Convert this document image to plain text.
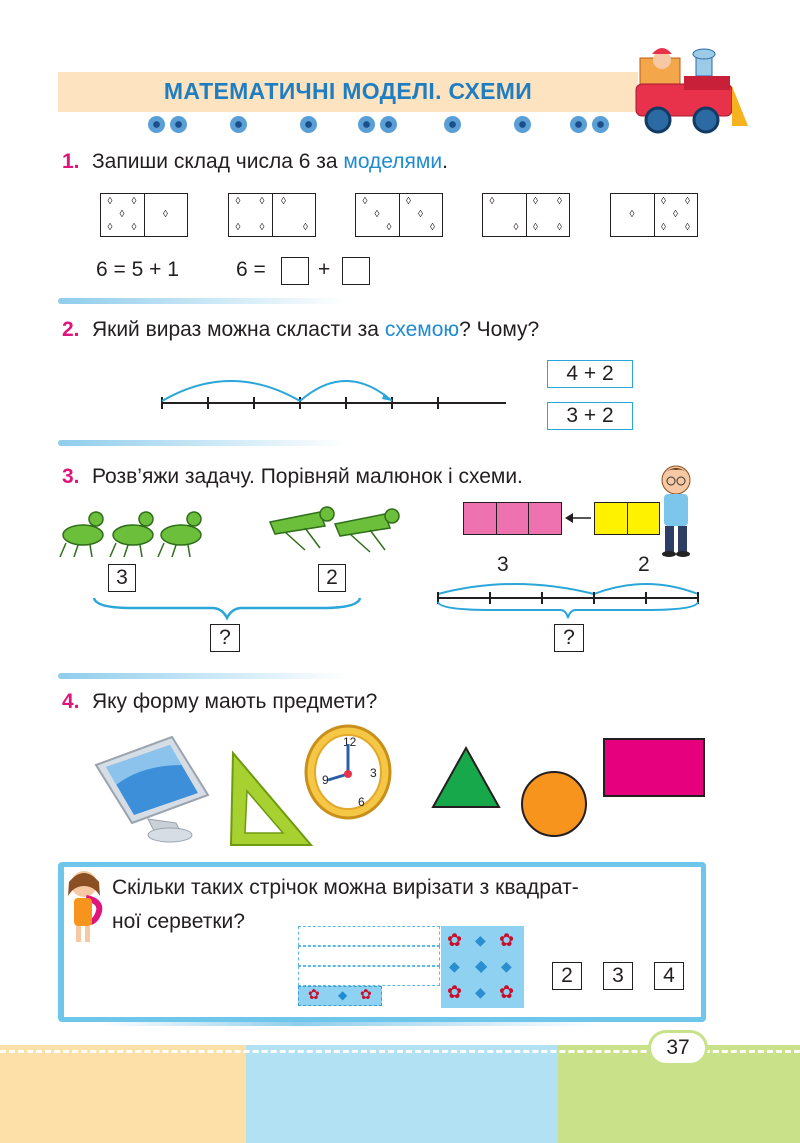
МАТЕМАТИЧНІ МОДЕЛІ. СХЕМИ
1. Запиши склад числа 6 за моделями.
◊ ◊
◊
◊ ◊
◊
◊ ◊
◊ ◊
◊
◊
◊
◊
◊
◊
◊
◊
◊
◊
◊ ◊
◊ ◊
◊
◊ ◊
◊
◊ ◊
6 = 5 + 1	6 = +
2. Який вираз можна скласти за схемою? Чому?
4 + 2
3 + 2
3. Розв’яжи задачу. Порівняй малюнок і схеми.
3	2
?
3	2
?
4. Яку форму мають предмети?
12
3
6
9
Скільки таких стрічок можна вирізати з квадрат-
ної серветки?
✿ ◆ ✿
✿ ◆ ✿
◆ ◆ ◆
✿ ◆ ✿
2	3	4
37
